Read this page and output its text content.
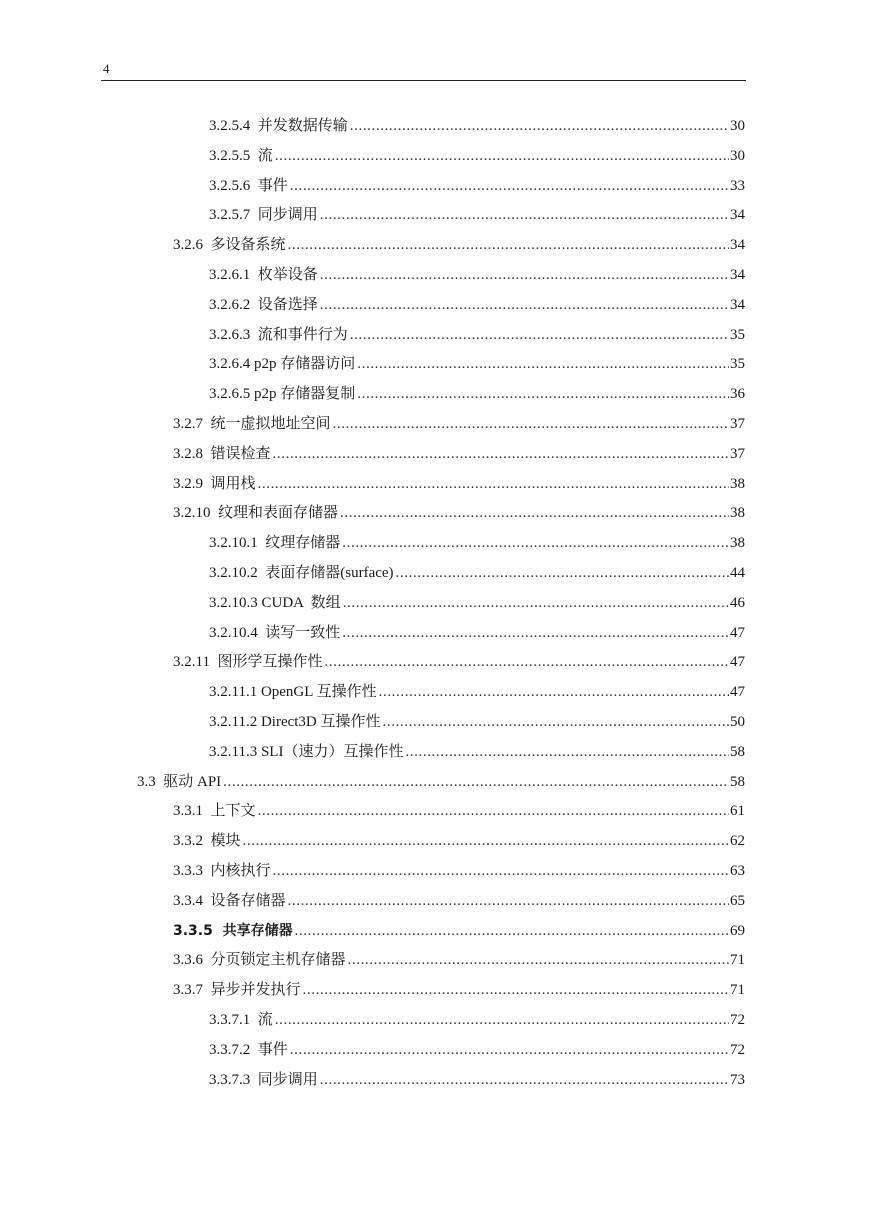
4
3.2.5.4  并发数据传输 .....	30
3.2.5.5  流 .....	30
3.2.5.6  事件 .....	33
3.2.5.7  同步调用 .....	34
3.2.6  多设备系统 .....	34
3.2.6.1  枚举设备 .....	34
3.2.6.2  设备选择 .....	34
3.2.6.3  流和事件行为 .....	35
3.2.6.4 p2p 存储器访问 .....	35
3.2.6.5 p2p 存储器复制 .....	36
3.2.7  统一虚拟地址空间 .....	37
3.2.8  错误检查 .....	37
3.2.9  调用栈 .....	38
3.2.10  纹理和表面存储器 .....	38
3.2.10.1  纹理存储器 .....	38
3.2.10.2  表面存储器(surface) .....	44
3.2.10.3 CUDA  数组 .....	46
3.2.10.4  读写一致性 .....	47
3.2.11  图形学互操作性 .....	47
3.2.11.1 OpenGL 互操作性 .....	47
3.2.11.2 Direct3D 互操作性 .....	50
3.2.11.3 SLI（速力）互操作性 .....	58
3.3  驱动 API .....	58
3.3.1  上下文 .....	61
3.3.2  模块 .....	62
3.3.3  内核执行 .....	63
3.3.4  设备存储器 .....	65
3.3.5  共享存储器 .....	69
3.3.6  分页锁定主机存储器 .....	71
3.3.7  异步并发执行 .....	71
3.3.7.1  流 .....	72
3.3.7.2  事件 .....	72
3.3.7.3  同步调用 .....	73
